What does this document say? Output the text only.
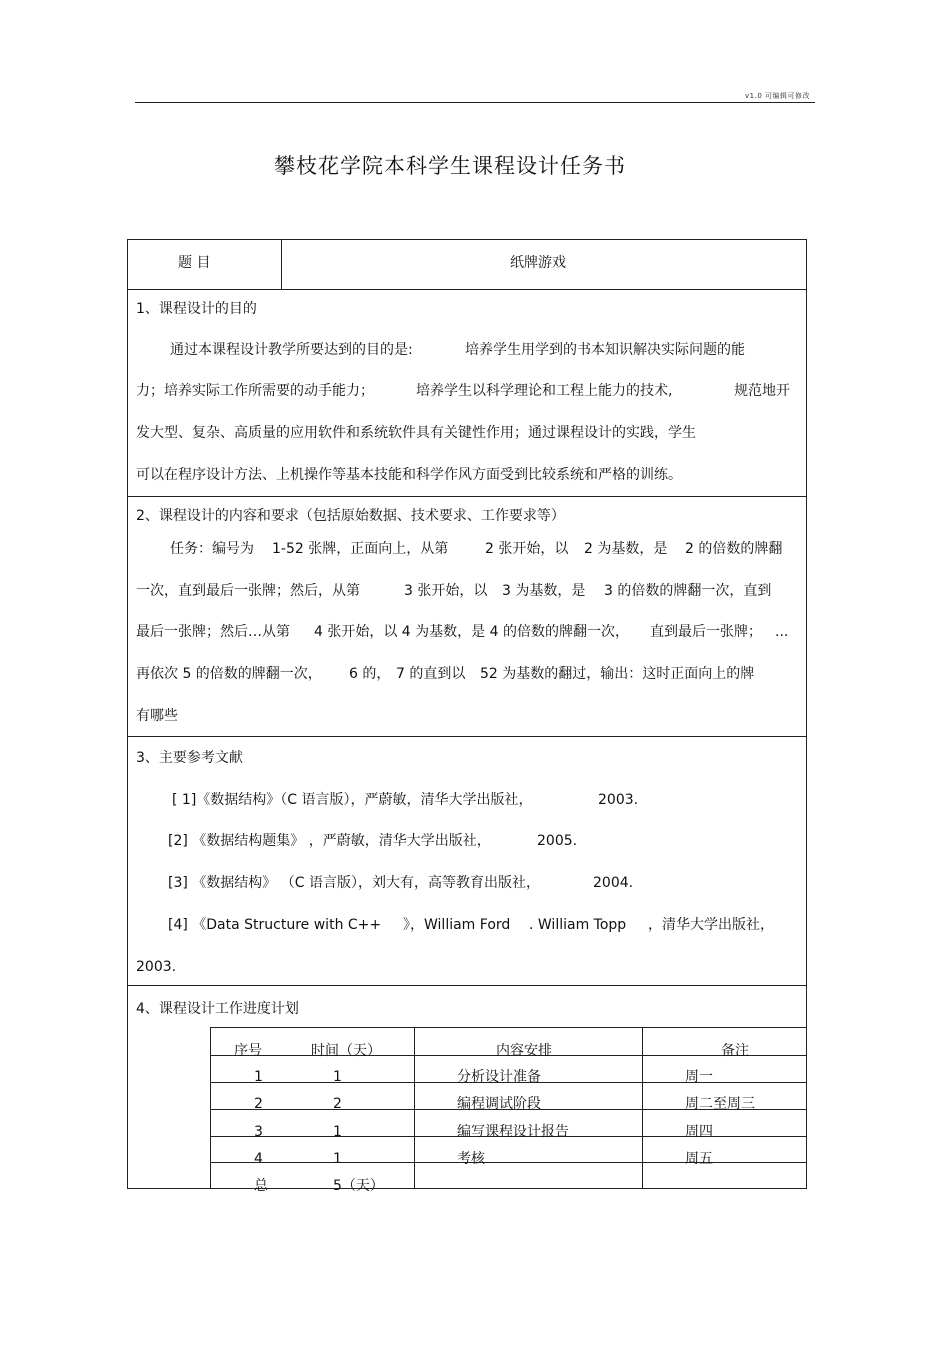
v1.0 可编辑可修改
攀枝花学院本科学生课程设计任务书
题 目	纸牌游戏
1、课程设计的目的
通过本课程设计教学所要达到的目的是:	培养学生用学到的书本知识解决实际问题的能
力；培养实际工作所需要的动手能力；	培养学生以科学理论和工程上能力的技术,	规范地开
发大型、复杂、高质量的应用软件和系统软件具有关键性作用；通过课程设计的实践，学生
可以在程序设计方法、上机操作等基本技能和科学作风方面受到比较系统和严格的训练。
2、课程设计的内容和要求（包括原始数据、技术要求、工作要求等）
任务：编号为 1-52 张牌，正面向上，从第	2 张开始，以 2 为基数，是 2 的倍数的牌翻
一次，直到最后一张牌；然后，从第	3 张开始，以 3 为基数，是 3 的倍数的牌翻一次，直到
最后一张牌；然后…从第 4 张开始，以 4 为基数，是 4 的倍数的牌翻一次， 直到最后一张牌； ...
再依次 5 的倍数的牌翻一次， 6 的， 7 的直到以 52 为基数的翻过，输出：这时正面向上的牌
有哪些
3、主要参考文献
[ 1]《数据结构》（C 语言版），严蔚敏，清华大学出版社，	2003.
[2] 《数据结构题集》 ，严蔚敏，清华大学出版社，	2005.
[3] 《数据结构》 （C 语言版），刘大有，高等教育出版社，	2004.
[4] 《Data Structure with C++ 》，William Ford . William Topp ，清华大学出版社，
2003.
4、课程设计工作进度计划
序号	时间（天）	内容安排	备注
1	1	分析设计准备	周一
2	2	编程调试阶段	周二至周三
3	1	编写课程设计报告	周四
4	1	考核	周五
总	5（天）
